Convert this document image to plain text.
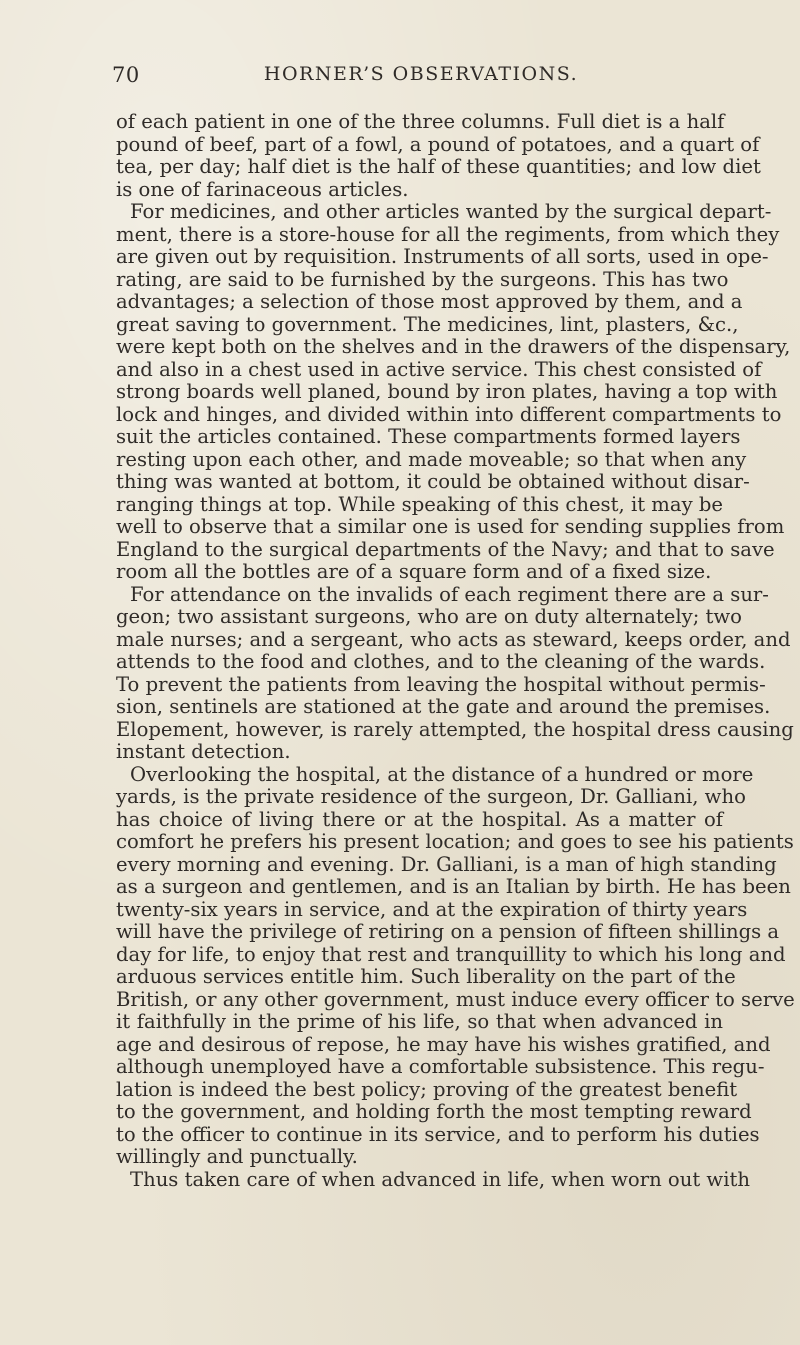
70	HORNER’S OBSERVATIONS.
of each patient in one of the three columns. Full diet is a half
pound of beef, part of a fowl, a pound of potatoes, and a quart of
tea, per day; half diet is the half of these quantities; and low diet
is one of farinaceous articles.
For medicines, and other articles wanted by the surgical depart-
ment, there is a store-house for all the regiments, from which they
are given out by requisition. Instruments of all sorts, used in ope-
rating, are said to be furnished by the surgeons. This has two
advantages; a selection of those most approved by them, and a
great saving to government. The medicines, lint, plasters, &c.,
were kept both on the shelves and in the drawers of the dispensary,
and also in a chest used in active service. This chest consisted of
strong boards well planed, bound by iron plates, having a top with
lock and hinges, and divided within into different compartments to
suit the articles contained. These compartments formed layers
resting upon each other, and made moveable; so that when any
thing was wanted at bottom, it could be obtained without disar-
ranging things at top. While speaking of this chest, it may be
well to observe that a similar one is used for sending supplies from
England to the surgical departments of the Navy; and that to save
room all the bottles are of a square form and of a fixed size.
For attendance on the invalids of each regiment there are a sur-
geon; two assistant surgeons, who are on duty alternately; two
male nurses; and a sergeant, who acts as steward, keeps order, and
attends to the food and clothes, and to the cleaning of the wards.
To prevent the patients from leaving the hospital without permis-
sion, sentinels are stationed at the gate and around the premises.
Elopement, however, is rarely attempted, the hospital dress causing
instant detection.
Overlooking the hospital, at the distance of a hundred or more
yards, is the private residence of the surgeon, Dr. Galliani, who
has choice of living there or at the hospital. As a matter of
comfort he prefers his present location; and goes to see his patients
every morning and evening. Dr. Galliani, is a man of high standing
as a surgeon and gentlemen, and is an Italian by birth. He has been
twenty-six years in service, and at the expiration of thirty years
will have the privilege of retiring on a pension of fifteen shillings a
day for life, to enjoy that rest and tranquillity to which his long and
arduous services entitle him. Such liberality on the part of the
British, or any other government, must induce every officer to serve
it faithfully in the prime of his life, so that when advanced in
age and desirous of repose, he may have his wishes gratified, and
although unemployed have a comfortable subsistence. This regu-
lation is indeed the best policy; proving of the greatest benefit
to the government, and holding forth the most tempting reward
to the officer to continue in its service, and to perform his duties
willingly and punctually.
Thus taken care of when advanced in life, when worn out with
